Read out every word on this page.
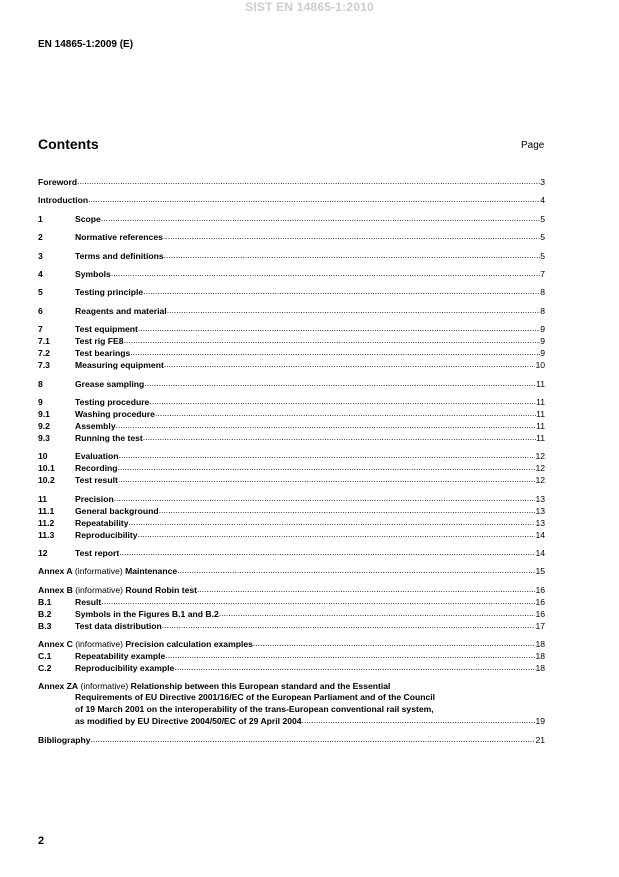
SIST EN 14865-1:2010
EN 14865-1:2009 (E)
Contents	Page
Foreword .....	3
Introduction .....	4
1	Scope .....	5
2	Normative references .....	5
3	Terms and definitions .....	5
4	Symbols .....	7
5	Testing principle .....	8
6	Reagents and material .....	8
7	Test equipment .....	9
7.1	Test rig FE8 .....	9
7.2	Test bearings .....	9
7.3	Measuring equipment .....	10
8	Grease sampling .....	11
9	Testing procedure .....	11
9.1	Washing procedure .....	11
9.2	Assembly .....	11
9.3	Running the test .....	11
10	Evaluation .....	12
10.1	Recording .....	12
10.2	Test result .....	12
11	Precision .....	13
11.1	General background .....	13
11.2	Repeatability .....	13
11.3	Reproducibility .....	14
12	Test report .....	14
Annex A (informative) Maintenance .....	15
Annex B (informative) Round Robin test .....	16
B.1	Result .....	16
B.2	Symbols in the Figures B.1 and B.2 .....	16
B.3	Test data distribution .....	17
Annex C (informative) Precision calculation examples .....	18
C.1	Repeatability example .....	18
C.2	Reproducibility example .....	18
Annex ZA (informative) Relationship between this European standard and the Essential
Requirements of EU Directive 2001/16/EC of the European Parliament and of the Council
of 19 March 2001 on the interoperability of the trans-European conventional rail system,
as modified by EU Directive 2004/50/EC of 29 April 2004 .....	19
Bibliography .....	21
2
